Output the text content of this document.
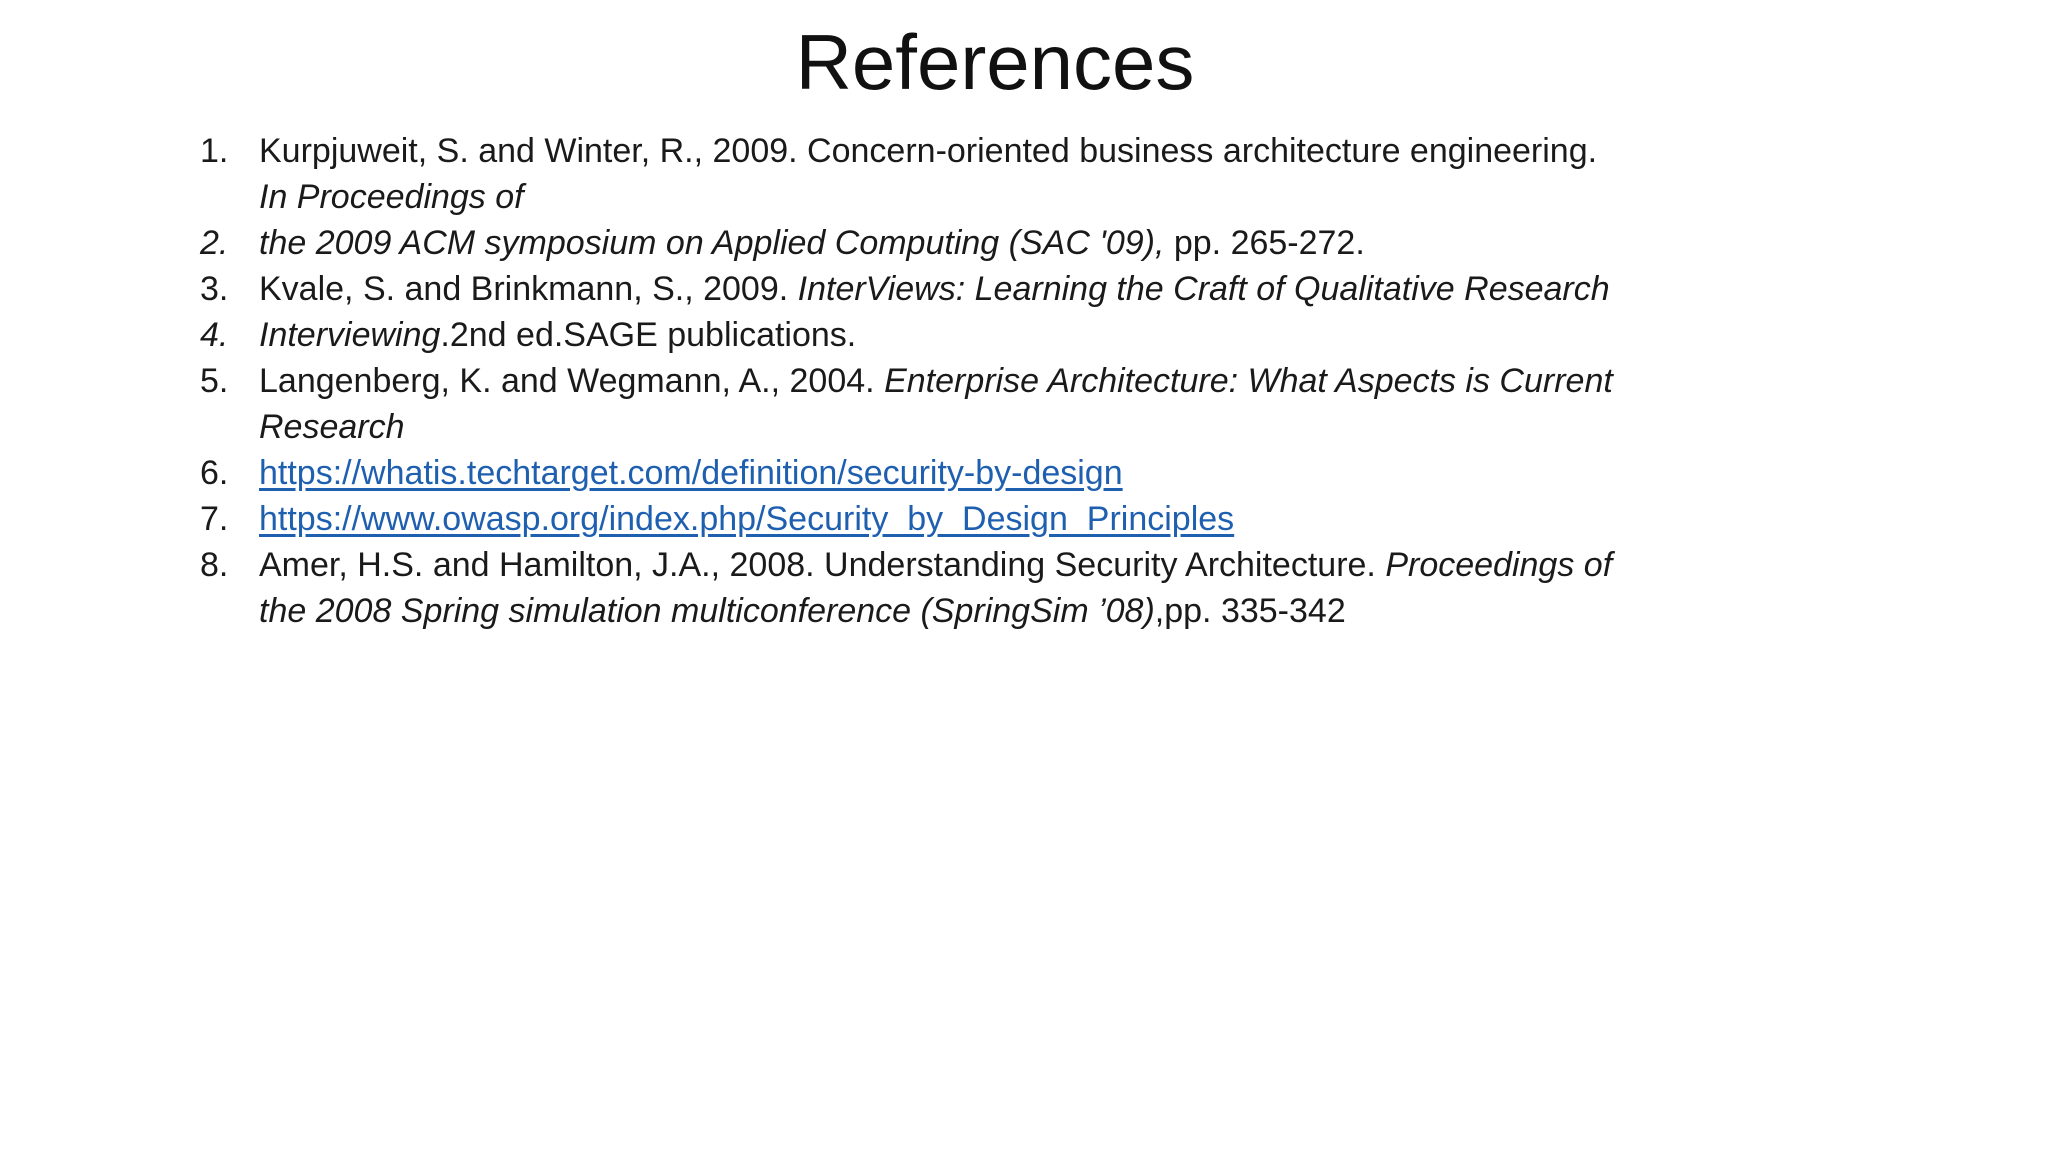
References
1. Kurpjuweit, S. and Winter, R., 2009. Concern-oriented business architecture engineering.
In Proceedings of
2. the 2009 ACM symposium on Applied Computing (SAC '09), pp. 265-272.
3. Kvale, S. and Brinkmann, S., 2009. InterViews: Learning the Craft of Qualitative Research
4. Interviewing.2nd ed.SAGE publications.
5. Langenberg, K. and Wegmann, A., 2004. Enterprise Architecture: What Aspects is Current
Research
6. https://whatis.techtarget.com/definition/security-by-design
7. https://www.owasp.org/index.php/Security_by_Design_Principles
8. Amer, H.S. and Hamilton, J.A., 2008. Understanding Security Architecture. Proceedings of
the 2008 Spring simulation multiconference (SpringSim ’08),pp. 335-342
